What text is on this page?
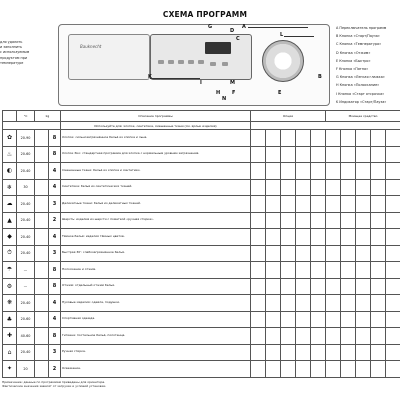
СХЕМА ПРОГРАММ
для удалить
и заполнить
с используемым
продуктом при
температуре
Bauknecht
A
B
C
D
E
F
G
H
I
K
L
M
N
A Переключатель программ
B Кнопка «Старт/Пауза»
C Кнопка «Температура»
D Кнопка «Отжим»
E Кнопка «Быстро»
F Кнопка «Пятна»
G Кнопка «Легкая глажка»
H Кнопка «Полоскание»
I Кнопка «Старт отсрочка»
K Индикатор «Старт/Пауза»
	°C	kg		Описание программы	Опции					Моющее средство				
				Используйте для: хлопок, синтетика, смешанные ткани (см. ярлык изделия)										
✿	20-90		8	Хлопок: сильнозагрязнённое бельё из хлопка и льна.										
♨	20-60		8	Хлопок Эко: стандартная программа для хлопка с нормальным уровнем загрязнения.										
◐	20-40		4	Смешанные ткани: бельё из хлопка и синтетики.										
❄	30		4	Синтетика: бельё из синтетических тканей.										
☁	20-40		3	Деликатные ткани: бельё из деликатных тканей.										
▲	20-40		2	Шерсть: изделия из шерсти с пометкой «ручная стирка».										
◆	20-40		4	Тёмное бельё: изделия тёмных цветов.										
⏱	20-40		3	Быстрая 30': слабозагрязнённое бельё.										
☂	—		8	Полоскание и отжим.										
⚙	—		8	Отжим: отдельный отжим белья.										
❋	20-40		4	Пуховые изделия: одеяла, подушки.										
♣	20-60		4	Спортивная одежда.										
✚	40-60		8	Гигиена: постельное бельё, полотенца.										
⌂	20-40		3	Ручная стирка.										
✦	20		2	Освежение.										
Примечание: данные по программам приведены для ориентира.
Фактические значения зависят от загрузки и условий установки.
